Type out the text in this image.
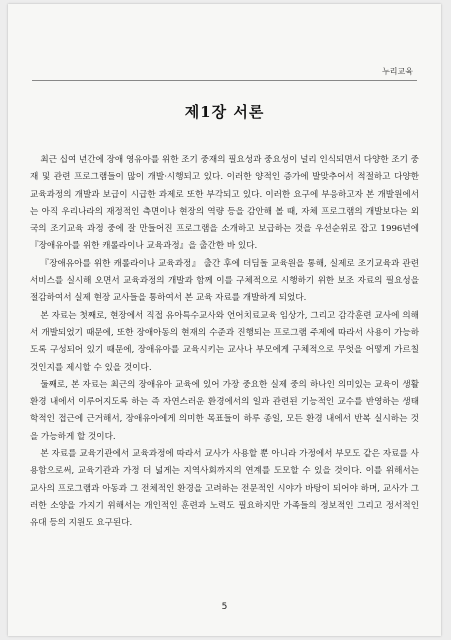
누리교육
제1장 서론

최근 십여 년간에 장애 영유아를 위한 조기 중재의 필요성과 중요성이 널리 인식되면서 다양한 조기 중재 및 관련 프로그램들이 많이 개발·시행되고 있다. 이러한 양적인 증가에 발맞추어서 적절하고 다양한 교육과정의 개발과 보급이 시급한 과제로 또한 부각되고 있다. 이러한 요구에 부응하고자 본 개발원에서는 아직 우리나라의 재정적인 측면이나 현장의 역량 등을 감안해 볼 때, 자체 프로그램의 개발보다는 외국의 조기교육 과정 중에 잘 만들어진 프로그램을 소개하고 보급하는 것을 우선순위로 잡고 1996년에 『장애유아를 위한 캐롤라이나 교육과정』을 출간한 바 있다.

『장애유아를 위한 캐롤라이나 교육과정』 출간 후에 더딤돌 교육원을 통해, 실제로 조기교육과 관련 서비스를 실시해 오면서 교육과정의 개발과 함께 이를 구체적으로 시행하기 위한 보조 자료의 필요성을 절감하여서 실제 현장 교사들을 통하여서 본 교육 자료를 개발하게 되었다.

본 자료는 첫째로, 현장에서 직접 유아특수교사와 언어치료교육 임상가, 그리고 감각훈련 교사에 의해서 개발되었기 때문에, 또한 장애아동의 현재의 수준과 진행되는 프로그램 주제에 따라서 사용이 가능하도록 구성되어 있기 때문에, 장애유아를 교육시키는 교사나 부모에게 구체적으로 무엇을 어떻게 가르칠 것인지를 제시할 수 있을 것이다.

둘째로, 본 자료는 최근의 장애유아 교육에 있어 가장 중요한 실제 중의 하나인 의미있는 교육이 생활환경 내에서 이루어지도록 하는 즉 자연스러운 환경에서의 일과 관련된 기능적인 교수를 반영하는 생태학적인 접근에 근거해서, 장애유아에게 의미한 목표들이 하루 종일, 모든 환경 내에서 반복 실시하는 것을 가능하게 할 것이다.

본 자료를 교육기관에서 교육과정에 따라서 교사가 사용할 뿐 아니라 가정에서 부모도 같은 자료를 사용함으로써, 교육기관과 가정 더 넓게는 지역사회까지의 연계를 도모할 수 있을 것이다. 이를 위해서는 교사의 프로그램과 아동과 그 전체적인 환경을 고려하는 전문적인 시야가 바탕이 되어야 하며, 교사가 그러한 소양을 가지기 위해서는 개인적인 훈련과 노력도 필요하지만 가족들의 정보적인 그리고 정서적인 유대 등의 지원도 요구된다.

5
